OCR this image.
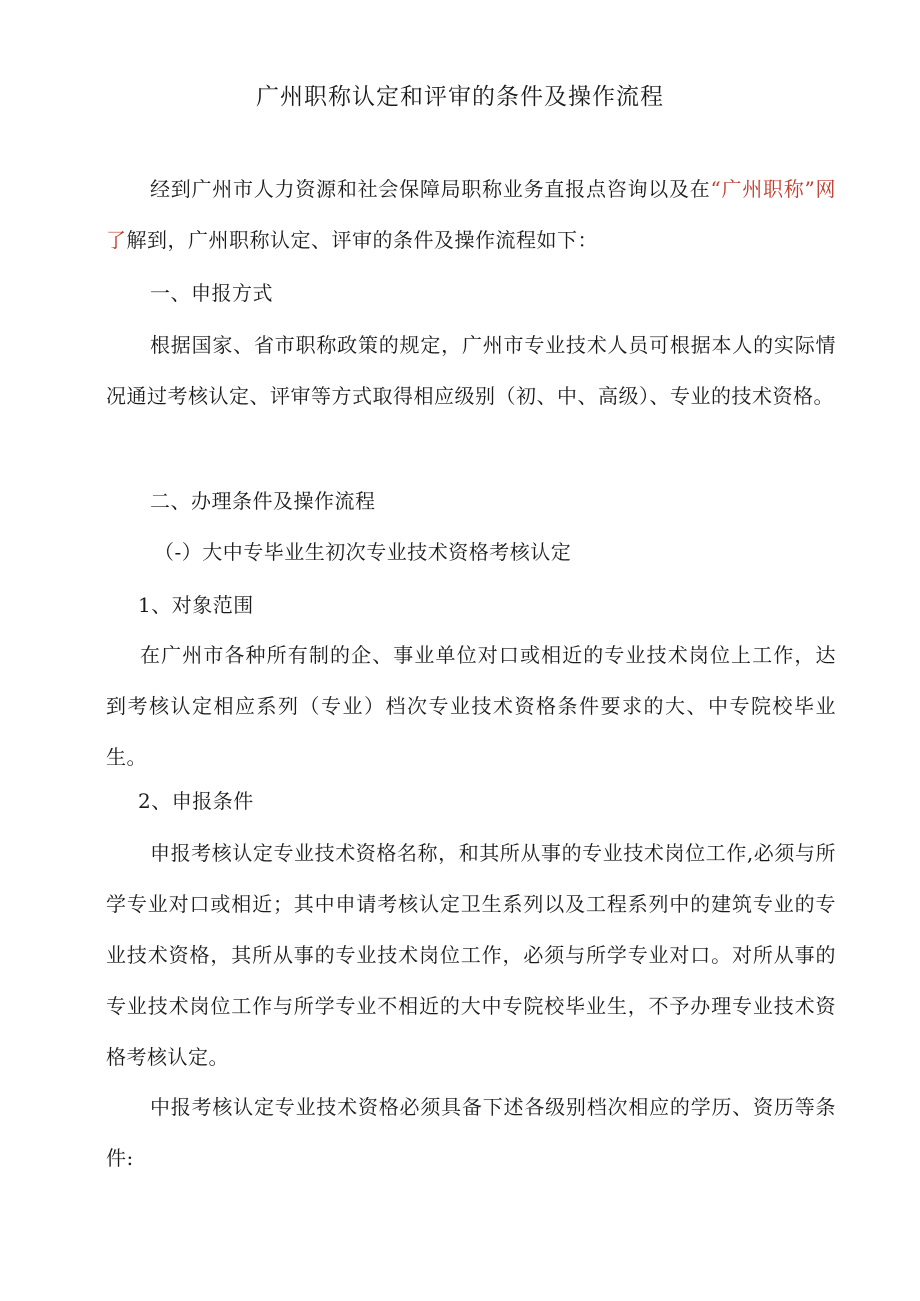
广州职称认定和评审的条件及操作流程
经到广州市人力资源和社会保障局职称业务直报点咨询以及在“广州职称”网了解到，广州职称认定、评审的条件及操作流程如下：
一、申报方式
根据国家、省市职称政策的规定，广州市专业技术人员可根据本人的实际情况通过考核认定、评审等方式取得相应级别（初、中、高级）、专业的技术资格。
二、办理条件及操作流程
（-）大中专毕业生初次专业技术资格考核认定
1、对象范围
在广州市各种所有制的企、事业单位对口或相近的专业技术岗位上工作，达到考核认定相应系列（专业）档次专业技术资格条件要求的大、中专院校毕业生。
2、申报条件
申报考核认定专业技术资格名称，和其所从事的专业技术岗位工作,必须与所学专业对口或相近；其中申请考核认定卫生系列以及工程系列中的建筑专业的专业技术资格，其所从事的专业技术岗位工作，必须与所学专业对口。对所从事的专业技术岗位工作与所学专业不相近的大中专院校毕业生，不予办理专业技术资格考核认定。
中报考核认定专业技术资格必须具备下述各级别档次相应的学历、资历等条件:
